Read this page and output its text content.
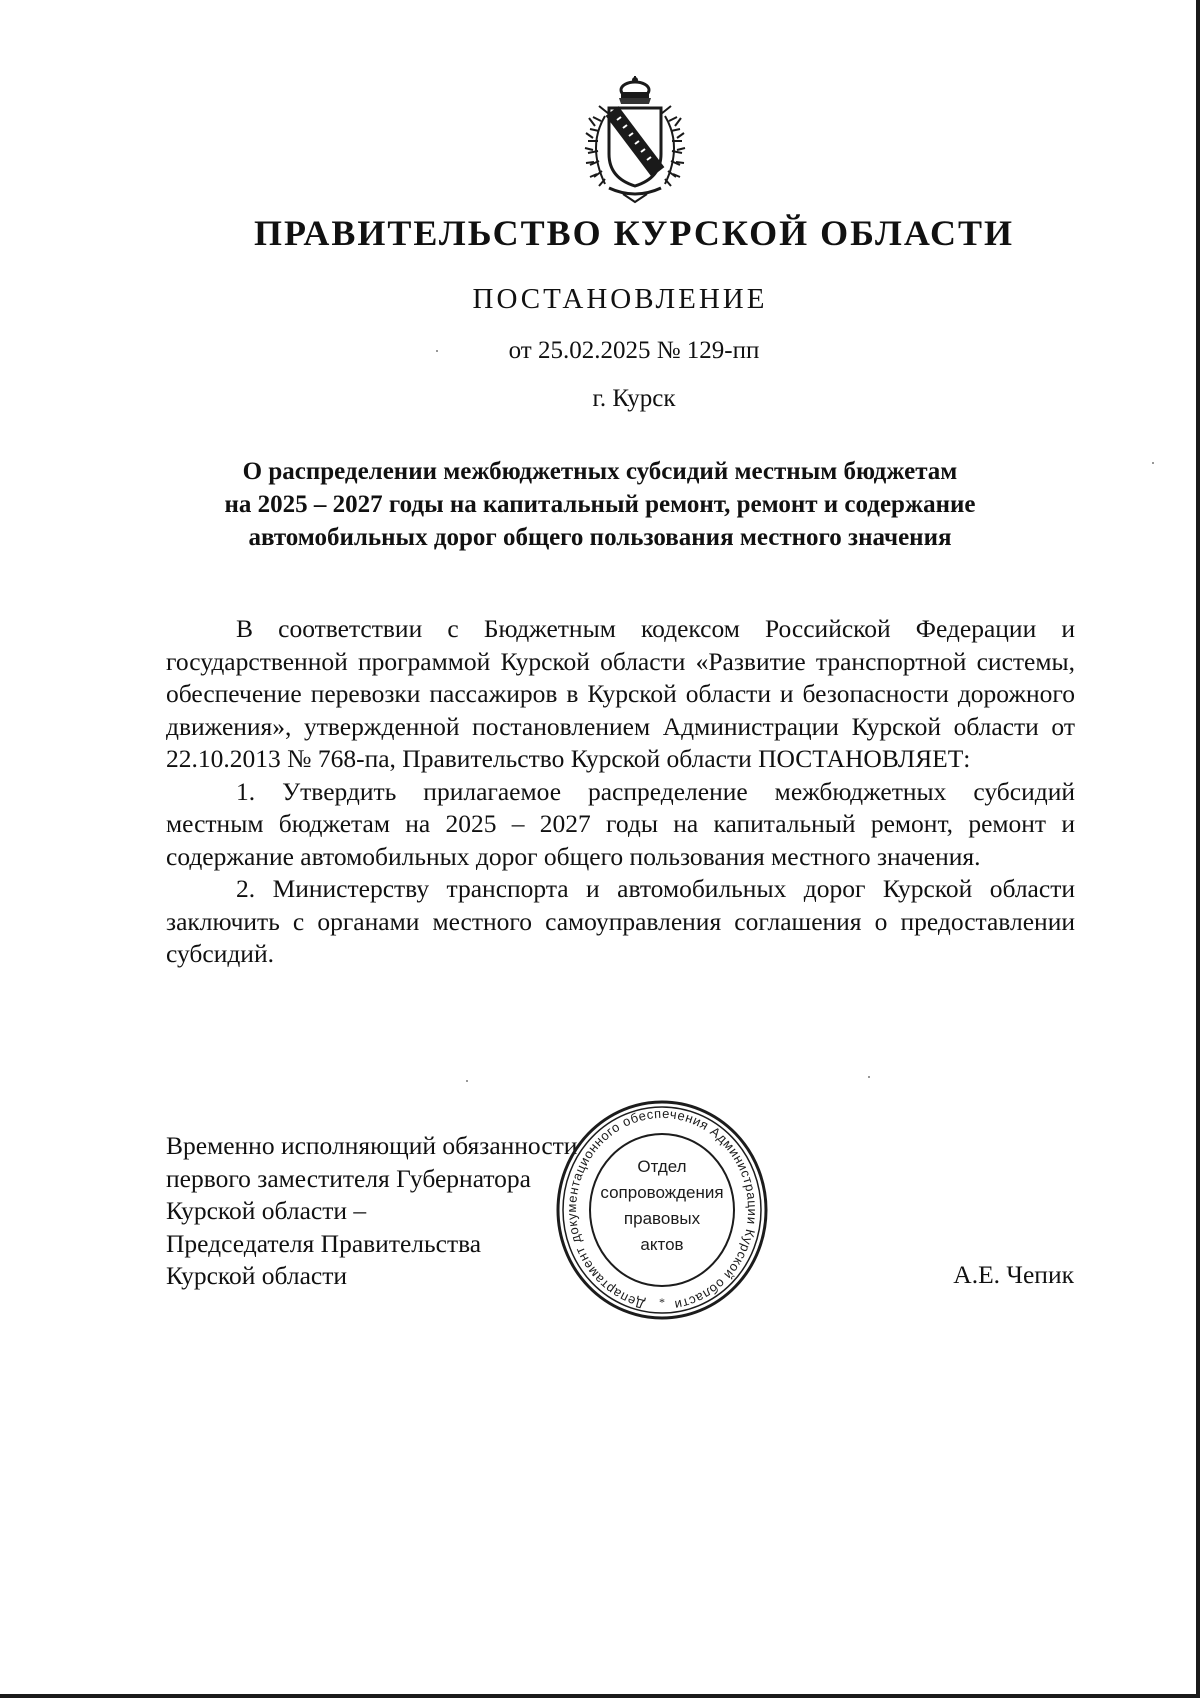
ПРАВИТЕЛЬСТВО КУРСКОЙ ОБЛАСТИ
ПОСТАНОВЛЕНИЕ
от 25.02.2025 № 129-пп
г. Курск
О распределении межбюджетных субсидий местным бюджетам
на 2025 – 2027 годы на капитальный ремонт, ремонт и содержание
автомобильных дорог общего пользования местного значения

В соответствии с Бюджетным кодексом Российской Федерации и государственной программой Курской области «Развитие транспортной системы, обеспечение перевозки пассажиров в Курской области и безопасности дорожного движения», утвержденной постановлением Администрации Курской области от 22.10.2013 № 768-па, Правительство Курской области ПОСТАНОВЛЯЕТ:

1. Утвердить прилагаемое распределение межбюджетных субсидий местным бюджетам на 2025 – 2027 годы на капитальный ремонт, ремонт и содержание автомобильных дорог общего пользования местного значения.

2. Министерству транспорта и автомобильных дорог Курской области заключить с органами местного самоуправления соглашения о предоставлении субсидий.

Временно исполняющий обязанности
первого заместителя Губернатора
Курской области –
Председателя Правительства
Курской области	А.Е. Чепик
Департамент документационного обеспечения Администрации Курской области
Отдел
сопровождения
правовых
актов
*
